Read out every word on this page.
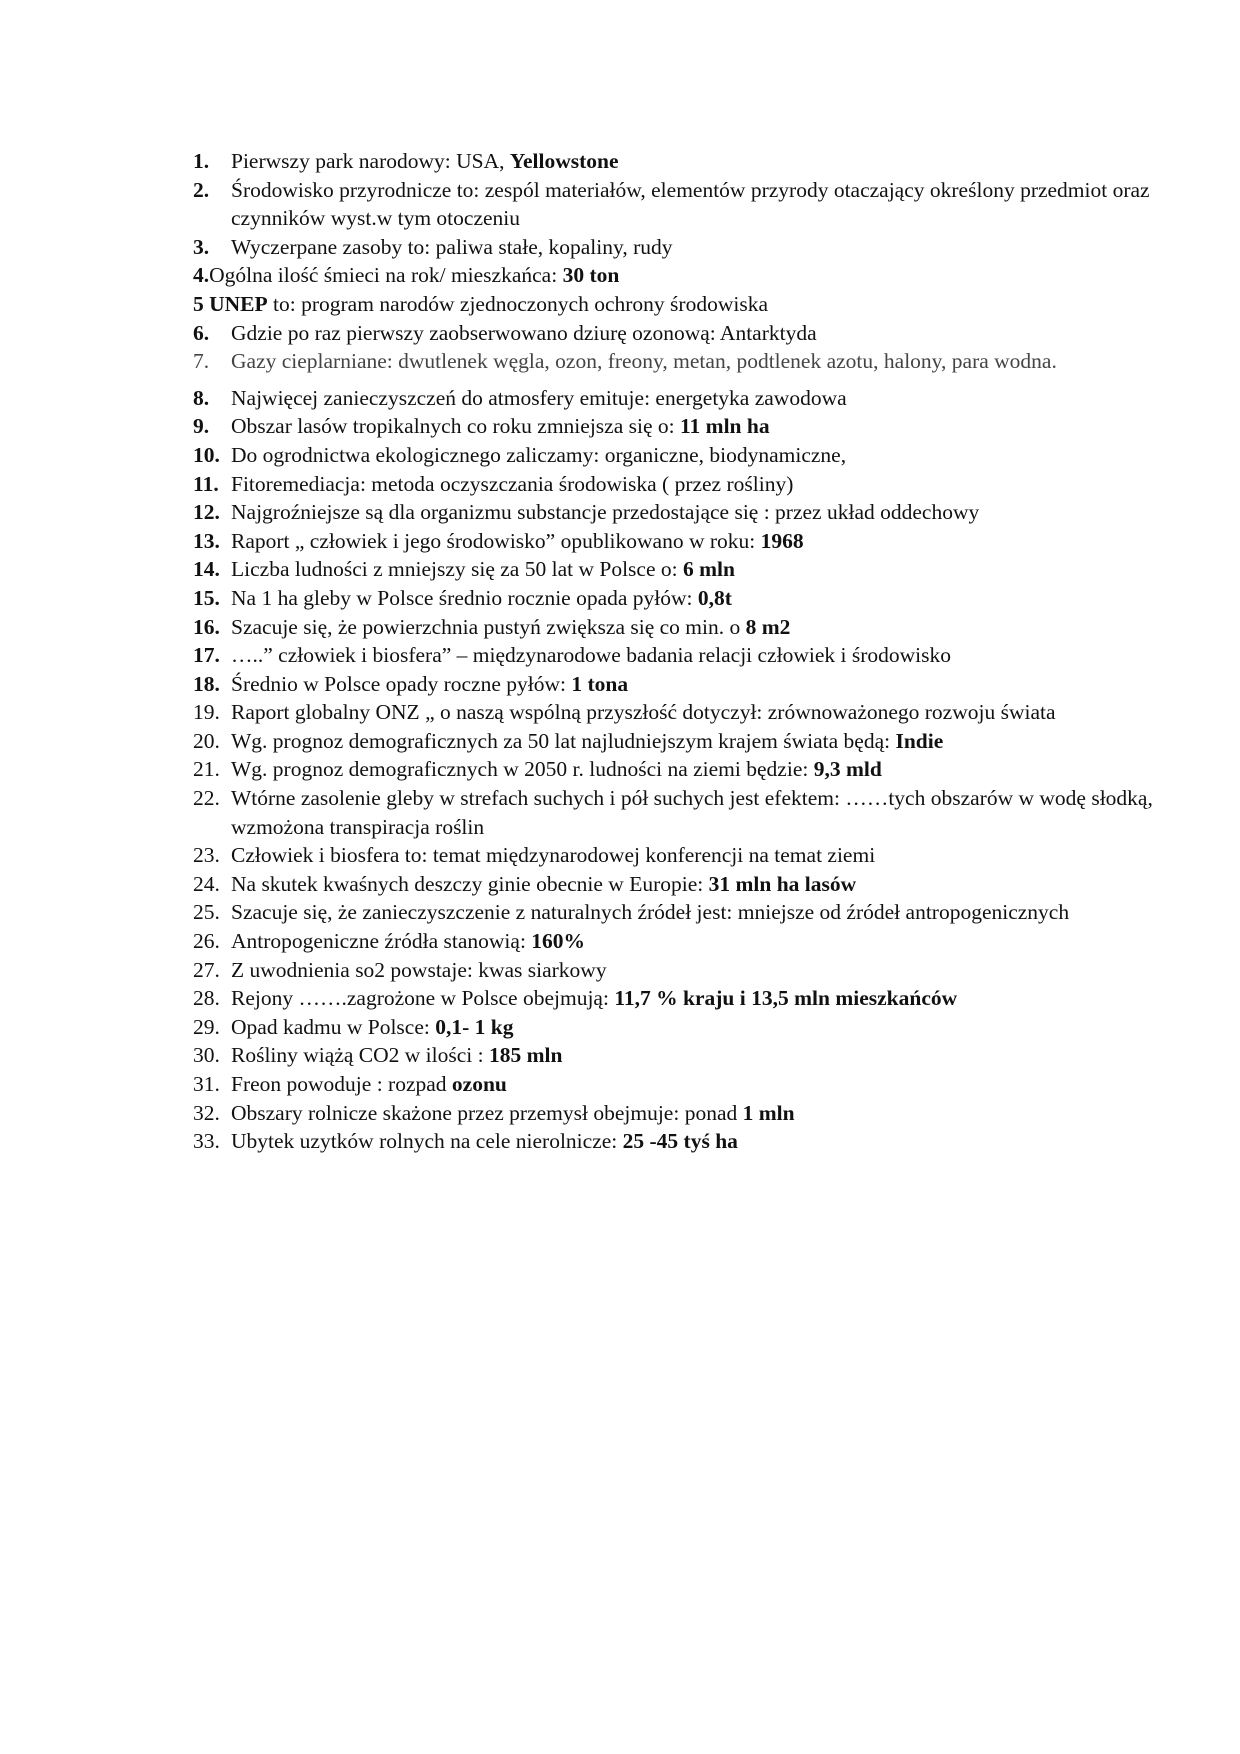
1. Pierwszy park narodowy: USA, Yellowstone
2. Środowisko przyrodnicze to: zespól materiałów, elementów przyrody otaczający określony przedmiot oraz czynników wyst.w tym otoczeniu
3. Wyczerpane zasoby to: paliwa stałe, kopaliny, rudy
4.Ogólna ilość śmieci na rok/ mieszkańca: 30 ton
5 UNEP to: program narodów zjednoczonych ochrony środowiska
6. Gdzie po raz pierwszy zaobserwowano dziurę ozonową: Antarktyda
7. Gazy cieplarniane: dwutlenek węgla, ozon, freony, metan, podtlenek azotu, halony, para wodna.
8. Najwięcej zanieczyszczeń do atmosfery emituje: energetyka zawodowa
9. Obszar lasów tropikalnych co roku zmniejsza się o: 11 mln ha
10. Do ogrodnictwa ekologicznego zaliczamy: organiczne, biodynamiczne,
11. Fitoremediacja: metoda oczyszczania środowiska ( przez rośliny)
12. Najgroźniejsze są dla organizmu substancje przedostające się : przez układ oddechowy
13. Raport „ człowiek i jego środowisko” opublikowano w roku: 1968
14. Liczba ludności z mniejszy się za 50 lat w Polsce o: 6 mln
15. Na 1 ha gleby w Polsce średnio rocznie opada pyłów: 0,8t
16. Szacuje się, że powierzchnia pustyń zwiększa się co min. o 8 m2
17. …..” człowiek i biosfera” – międzynarodowe badania relacji człowiek i środowisko
18. Średnio w Polsce opady roczne pyłów: 1 tona
19. Raport globalny ONZ „ o naszą wspólną przyszłość dotyczył: zrównoważonego rozwoju świata
20. Wg. prognoz demograficznych za 50 lat najludniejszym krajem świata będą: Indie
21. Wg. prognoz demograficznych w 2050 r. ludności na ziemi będzie: 9,3 mld
22. Wtórne zasolenie gleby w strefach suchych i pół suchych jest efektem: ……tych obszarów w wodę słodką, wzmożona transpiracja roślin
23. Człowiek i biosfera to: temat międzynarodowej konferencji na temat ziemi
24. Na skutek kwaśnych deszczy ginie obecnie w Europie: 31 mln ha lasów
25. Szacuje się, że zanieczyszczenie z naturalnych źródeł jest: mniejsze od źródeł antropogenicznych
26. Antropogeniczne źródła stanowią: 160%
27. Z uwodnienia so2 powstaje: kwas siarkowy
28. Rejony …….zagrożone w Polsce obejmują: 11,7 % kraju i 13,5 mln mieszkańców
29. Opad kadmu w Polsce: 0,1- 1 kg
30. Rośliny wiążą CO2 w ilości : 185 mln
31. Freon powoduje : rozpad ozonu
32. Obszary rolnicze skażone przez przemysł obejmuje: ponad 1 mln
33. Ubytek uzytków rolnych na cele nierolnicze: 25 -45 tyś ha
